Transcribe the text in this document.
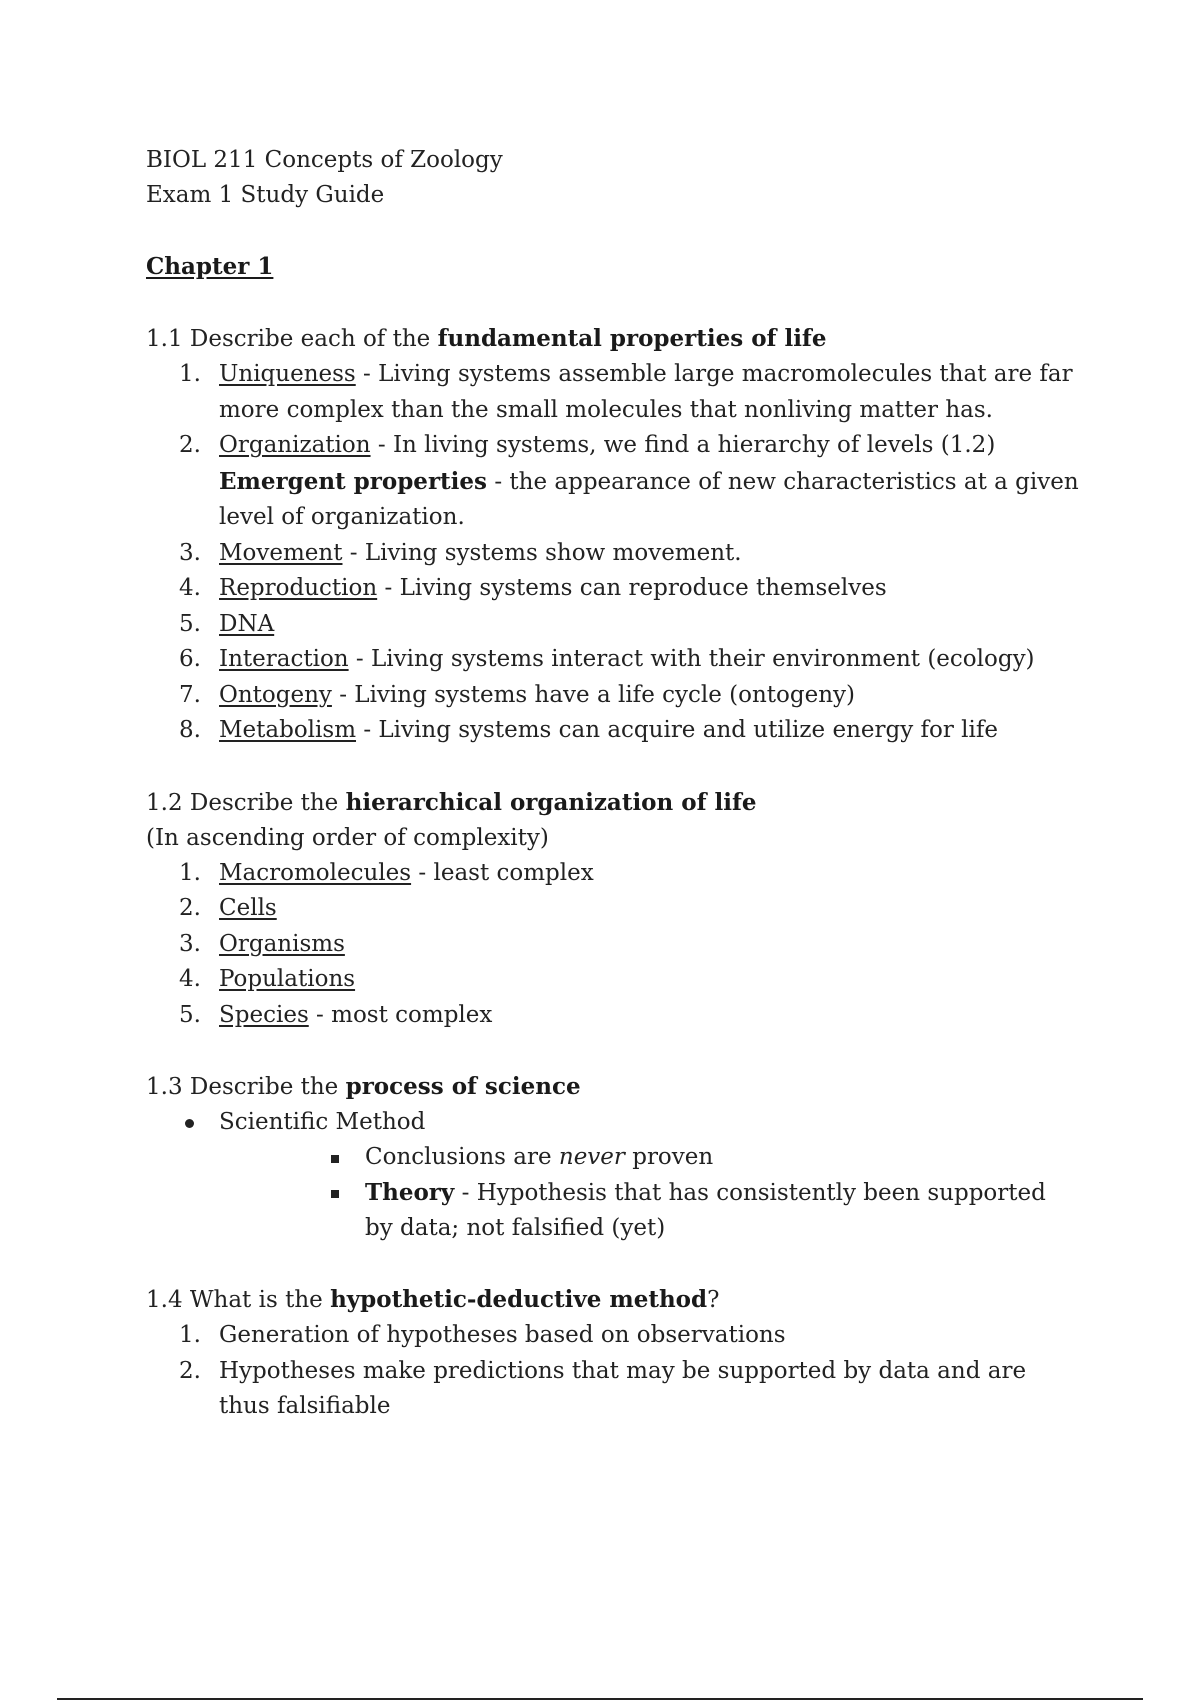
BIOL 211 Concepts of Zoology
Exam 1 Study Guide
Chapter 1
1.1 Describe each of the fundamental properties of life
1. Uniqueness - Living systems assemble large macromolecules that are far more complex than the small molecules that nonliving matter has.
2. Organization - In living systems, we find a hierarchy of levels (1.2) Emergent properties - the appearance of new characteristics at a given level of organization.
3. Movement - Living systems show movement.
4. Reproduction - Living systems can reproduce themselves
5. DNA
6. Interaction - Living systems interact with their environment (ecology)
7. Ontogeny - Living systems have a life cycle (ontogeny)
8. Metabolism - Living systems can acquire and utilize energy for life
1.2 Describe the hierarchical organization of life
(In ascending order of complexity)
1. Macromolecules - least complex
2. Cells
3. Organisms
4. Populations
5. Species - most complex
1.3 Describe the process of science
Scientific Method
Conclusions are never proven
Theory - Hypothesis that has consistently been supported by data; not falsified (yet)
1.4 What is the hypothetic-deductive method?
1. Generation of hypotheses based on observations
2. Hypotheses make predictions that may be supported by data and are thus falsifiable
